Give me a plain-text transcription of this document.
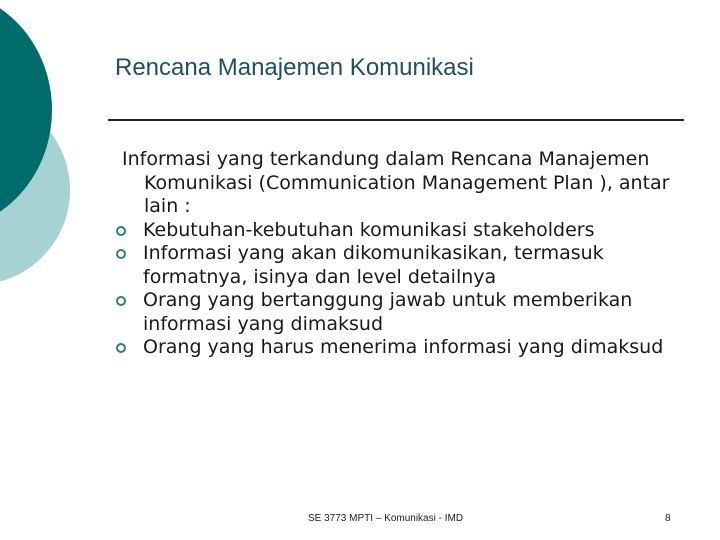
Rencana Manajemen Komunikasi

Informasi yang terkandung dalam Rencana Manajemen Komunikasi (Communication Management Plan ), antar lain :

Kebutuhan-kebutuhan komunikasi stakeholders
Informasi yang akan dikomunikasikan, termasuk formatnya, isinya dan level detailnya
Orang yang bertanggung jawab untuk memberikan informasi yang dimaksud
Orang yang harus menerima informasi yang dimaksud
SE 3773 MPTI – Komunikasi - IMD	8
